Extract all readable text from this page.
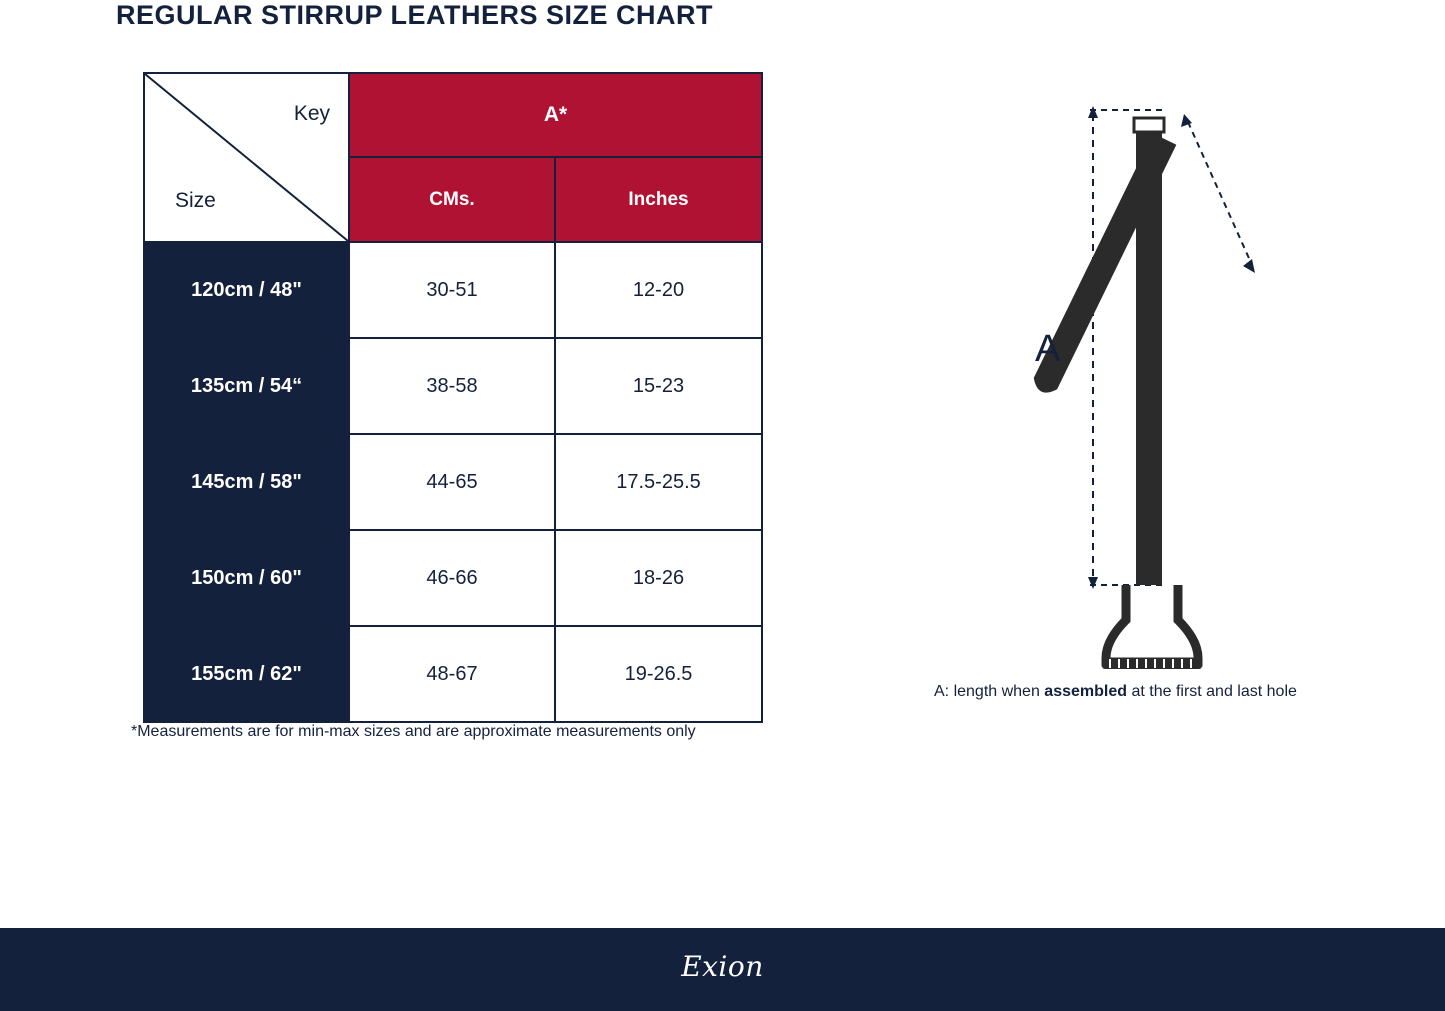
REGULAR STIRRUP LEATHERS SIZE CHART
Key
Size	A*	
	CMs.	Inches
120cm / 48"	30-51	12-20
135cm / 54“	38-58	15-23
145cm / 58"	44-65	17.5-25.5
150cm / 60"	46-66	18-26
155cm / 62"	48-67	19-26.5
*Measurements are for min-max sizes and are approximate measurements only
A
A: length when assembled at the first and last hole
Exion
